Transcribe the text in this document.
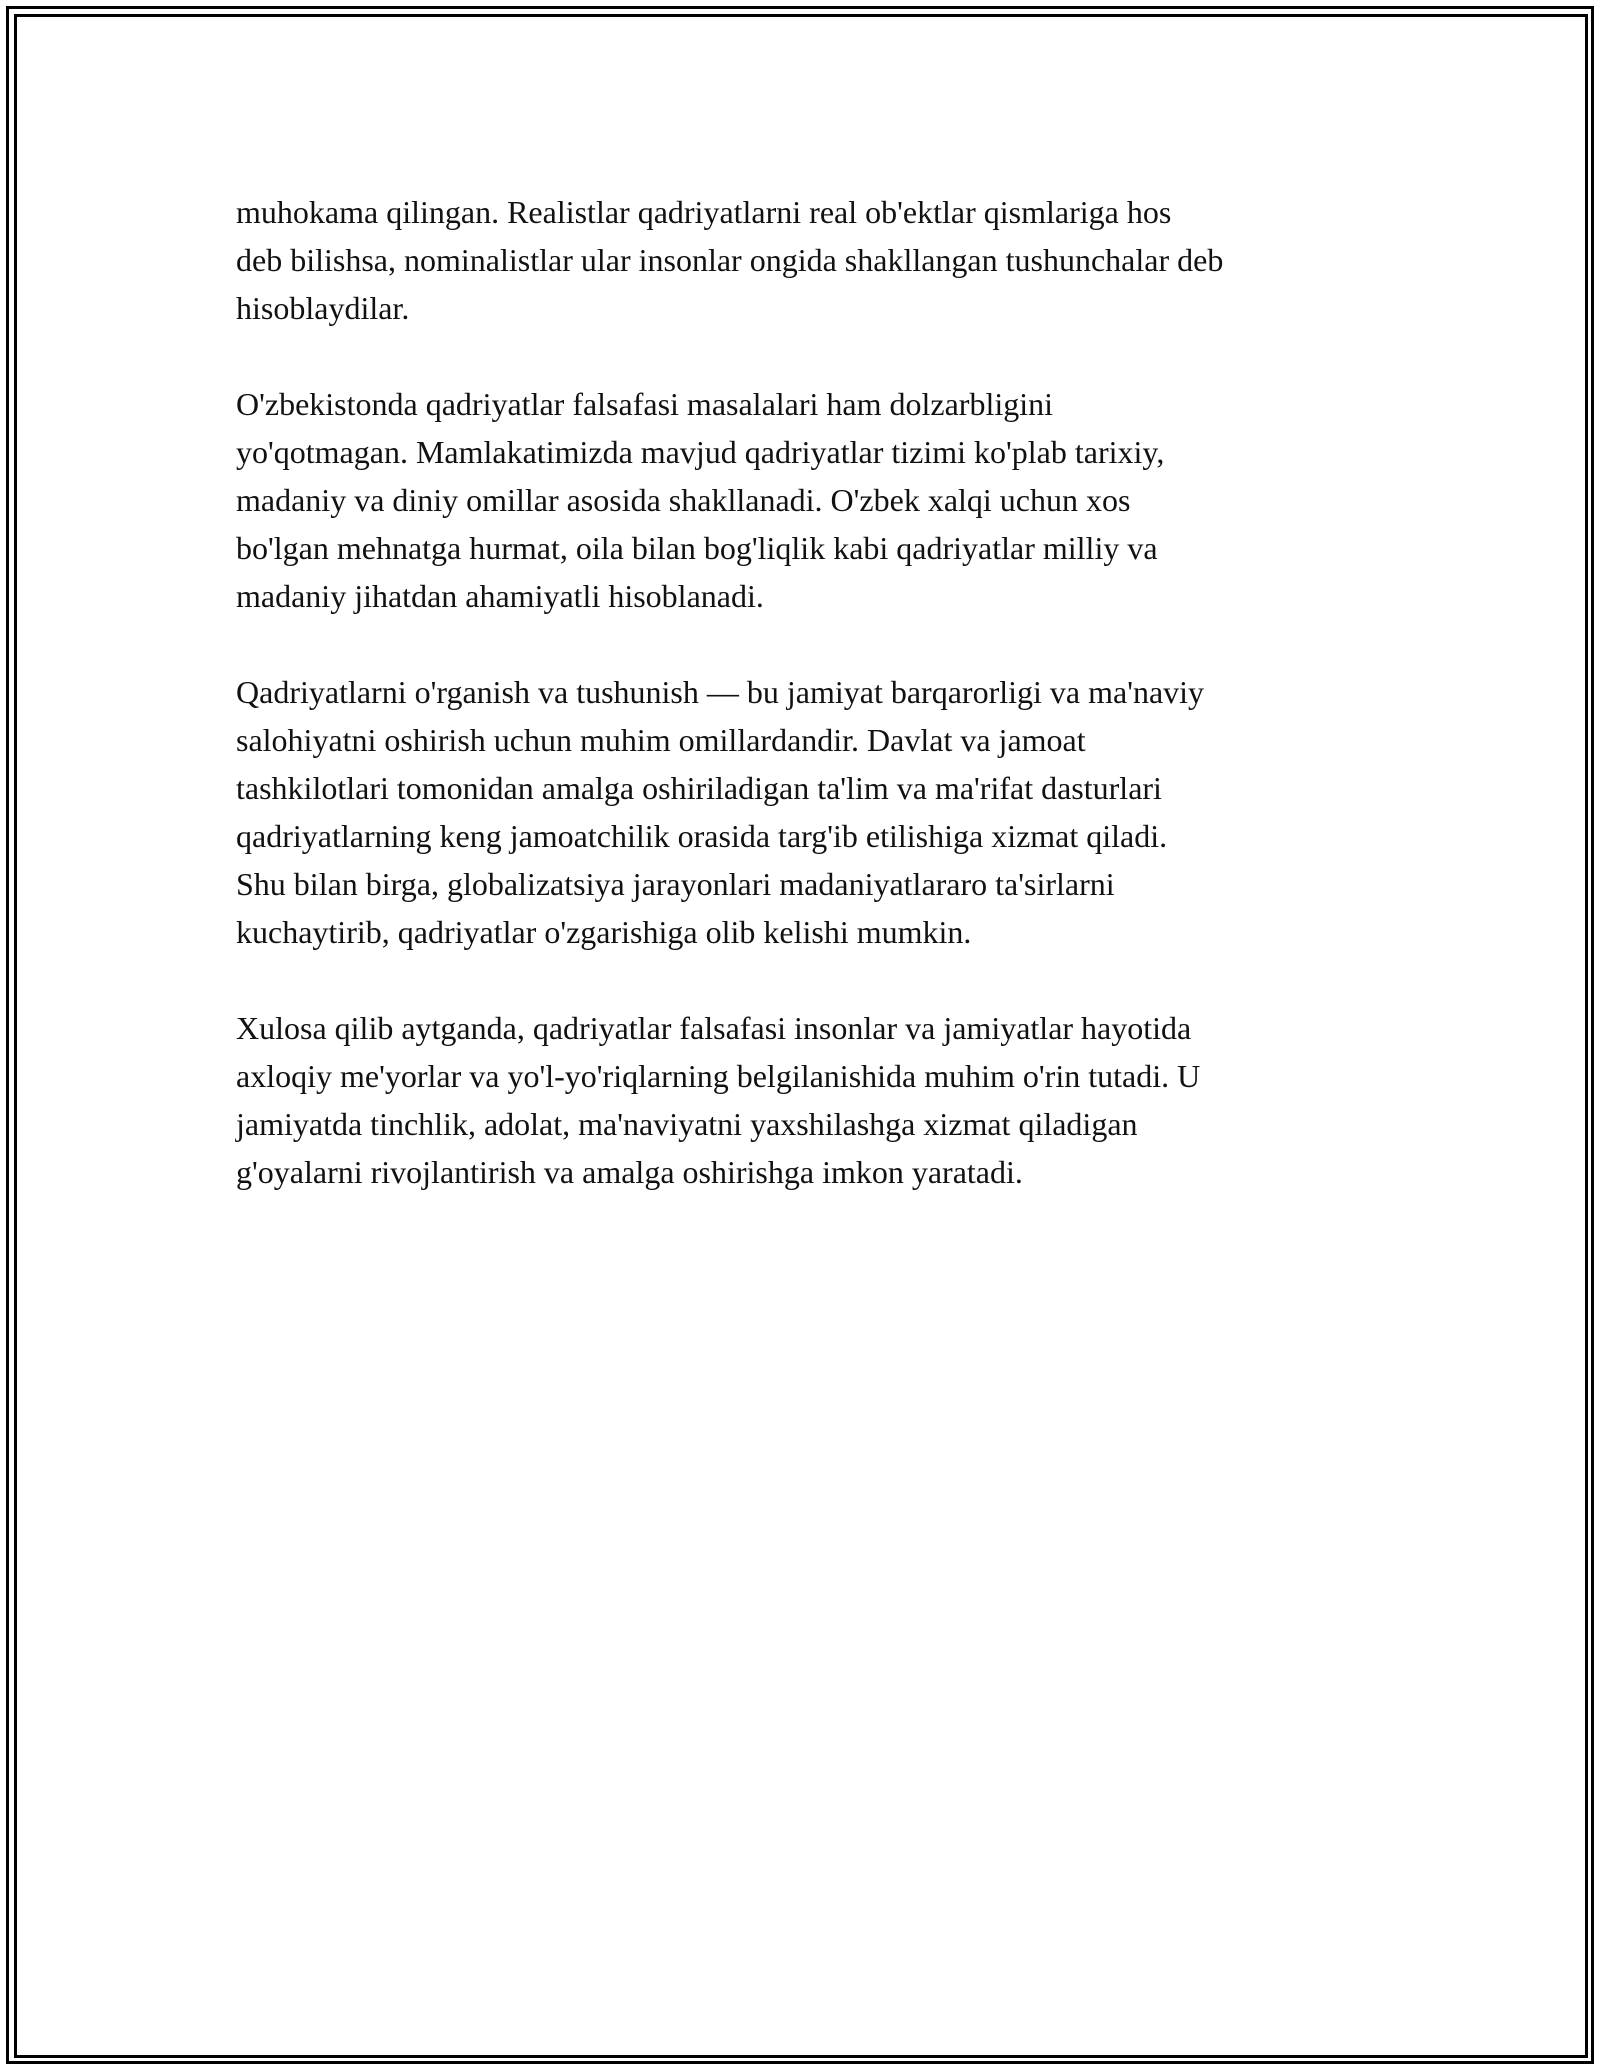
muhokama qilingan. Realistlar qadriyatlarni real ob'ektlar qismlariga hos
deb bilishsa, nominalistlar ular insonlar ongida shakllangan tushunchalar deb
hisoblaydilar.
O'zbekistonda qadriyatlar falsafasi masalalari ham dolzarbligini
yo'qotmagan. Mamlakatimizda mavjud qadriyatlar tizimi ko'plab tarixiy,
madaniy va diniy omillar asosida shakllanadi. O'zbek xalqi uchun xos
bo'lgan mehnatga hurmat, oila bilan bog'liqlik kabi qadriyatlar milliy va
madaniy jihatdan ahamiyatli hisoblanadi.
Qadriyatlarni o'rganish va tushunish — bu jamiyat barqarorligi va ma'naviy
salohiyatni oshirish uchun muhim omillardandir. Davlat va jamoat
tashkilotlari tomonidan amalga oshiriladigan ta'lim va ma'rifat dasturlari
qadriyatlarning keng jamoatchilik orasida targ'ib etilishiga xizmat qiladi.
Shu bilan birga, globalizatsiya jarayonlari madaniyatlararo ta'sirlarni
kuchaytirib, qadriyatlar o'zgarishiga olib kelishi mumkin.
Xulosa qilib aytganda, qadriyatlar falsafasi insonlar va jamiyatlar hayotida
axloqiy me'yorlar va yo'l-yo'riqlarning belgilanishida muhim o'rin tutadi. U
jamiyatda tinchlik, adolat, ma'naviyatni yaxshilashga xizmat qiladigan
g'oyalarni rivojlantirish va amalga oshirishga imkon yaratadi.
